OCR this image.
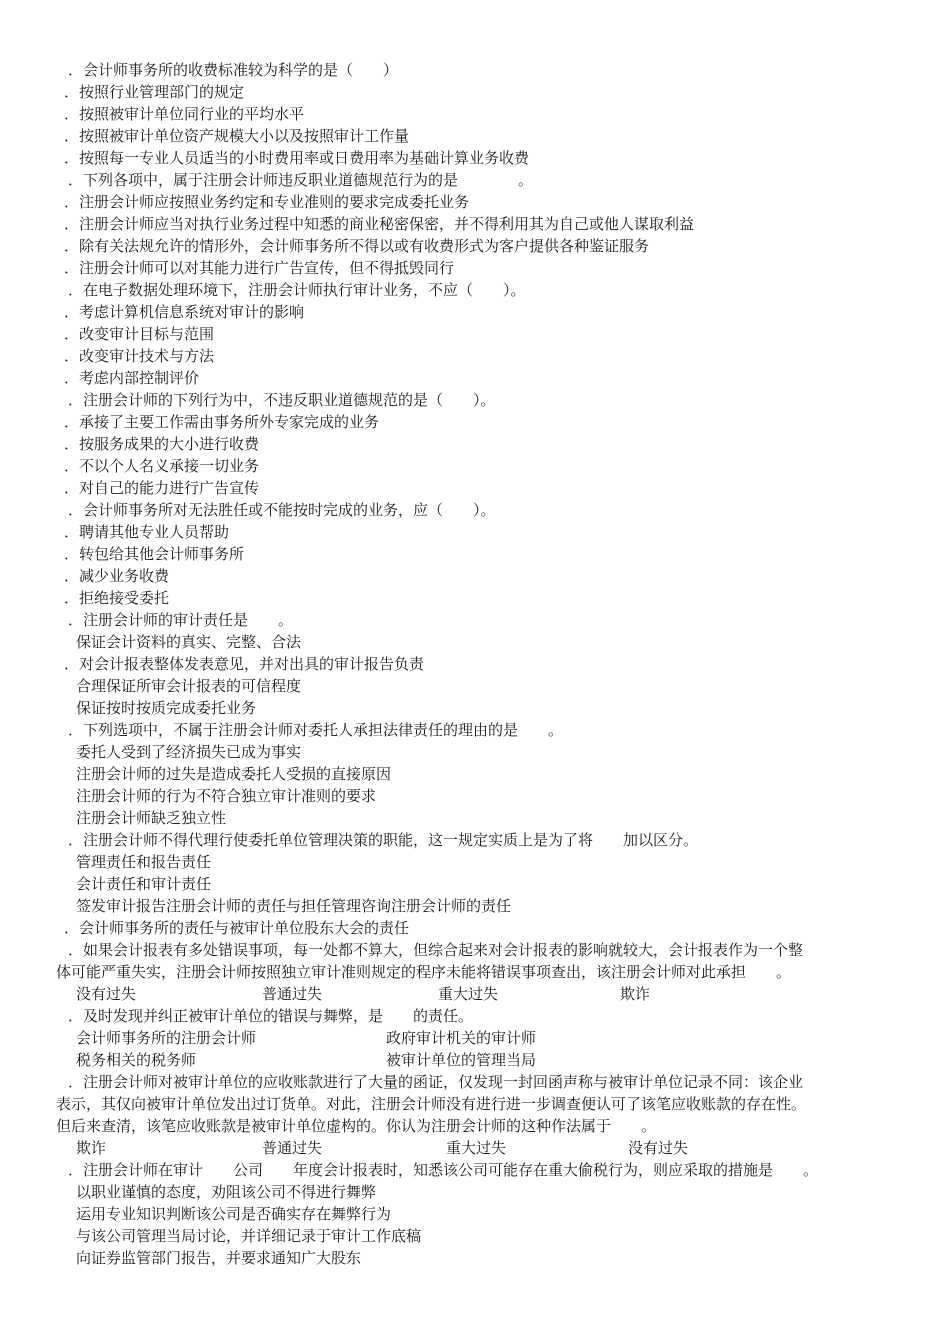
．会计师事务所的收费标准较为科学的是（　　）

．按照行业管理部门的规定

．按照被审计单位同行业的平均水平

．按照被审计单位资产规模大小以及按照审计工作量

．按照每一专业人员适当的小时费用率或日费用率为基础计算业务收费

．下列各项中，属于注册会计师违反职业道德规范行为的是　　　　。

．注册会计师应按照业务约定和专业准则的要求完成委托业务

．注册会计师应当对执行业务过程中知悉的商业秘密保密，并不得利用其为自己或他人谋取利益

．除有关法规允许的情形外，会计师事务所不得以或有收费形式为客户提供各种鉴证服务

．注册会计师可以对其能力进行广告宣传，但不得抵毁同行

．在电子数据处理环境下，注册会计师执行审计业务，不应（　　）。

．考虑计算机信息系统对审计的影响

．改变审计目标与范围

．改变审计技术与方法

．考虑内部控制评价

．注册会计师的下列行为中，不违反职业道德规范的是（　　）。

．承接了主要工作需由事务所外专家完成的业务

．按服务成果的大小进行收费

．不以个人名义承接一切业务

．对自己的能力进行广告宣传

．会计师事务所对无法胜任或不能按时完成的业务，应（　　）。

．聘请其他专业人员帮助

．转包给其他会计师事务所

．减少业务收费

．拒绝接受委托

．注册会计师的审计责任是　　。

保证会计资料的真实、完整、合法

．对会计报表整体发表意见，并对出具的审计报告负责

合理保证所审会计报表的可信程度

保证按时按质完成委托业务

．下列选项中，不属于注册会计师对委托人承担法律责任的理由的是　　。

委托人受到了经济损失已成为事实

注册会计师的过失是造成委托人受损的直接原因

注册会计师的行为不符合独立审计准则的要求

注册会计师缺乏独立性

．注册会计师不得代理行使委托单位管理决策的职能，这一规定实质上是为了将　　加以区分。

管理责任和报告责任

会计责任和审计责任

签发审计报告注册会计师的责任与担任管理咨询注册会计师的责任

．会计师事务所的责任与被审计单位股东大会的责任

．如果会计报表有多处错误事项，每一处都不算大，但综合起来对会计报表的影响就较大，会计报表作为一个整

体可能严重失实，注册会计师按照独立审计准则规定的程序未能将错误事项查出，该注册会计师对此承担　　。

没有过失	普通过失	重大过失	欺诈

．及时发现并纠正被审计单位的错误与舞弊，是　　的责任。

会计师事务所的注册会计师	政府审计机关的审计师
税务相关的税务师	被审计单位的管理当局

．注册会计师对被审计单位的应收账款进行了大量的函证，仅发现一封回函声称与被审计单位记录不同：该企业

表示，其仅向被审计单位发出过订货单。对此，注册会计师没有进行进一步调查便认可了该笔应收账款的存在性。

但后来查清，该笔应收账款是被审计单位虚构的。你认为注册会计师的这种作法属于　　。

欺诈	普通过失	重大过失	没有过失

．注册会计师在审计　　公司　　年度会计报表时，知悉该公司可能存在重大偷税行为，则应采取的措施是　　。

以职业谨慎的态度，劝阻该公司不得进行舞弊

运用专业知识判断该公司是否确实存在舞弊行为

与该公司管理当局讨论，并详细记录于审计工作底稿

向证券监管部门报告，并要求通知广大股东
